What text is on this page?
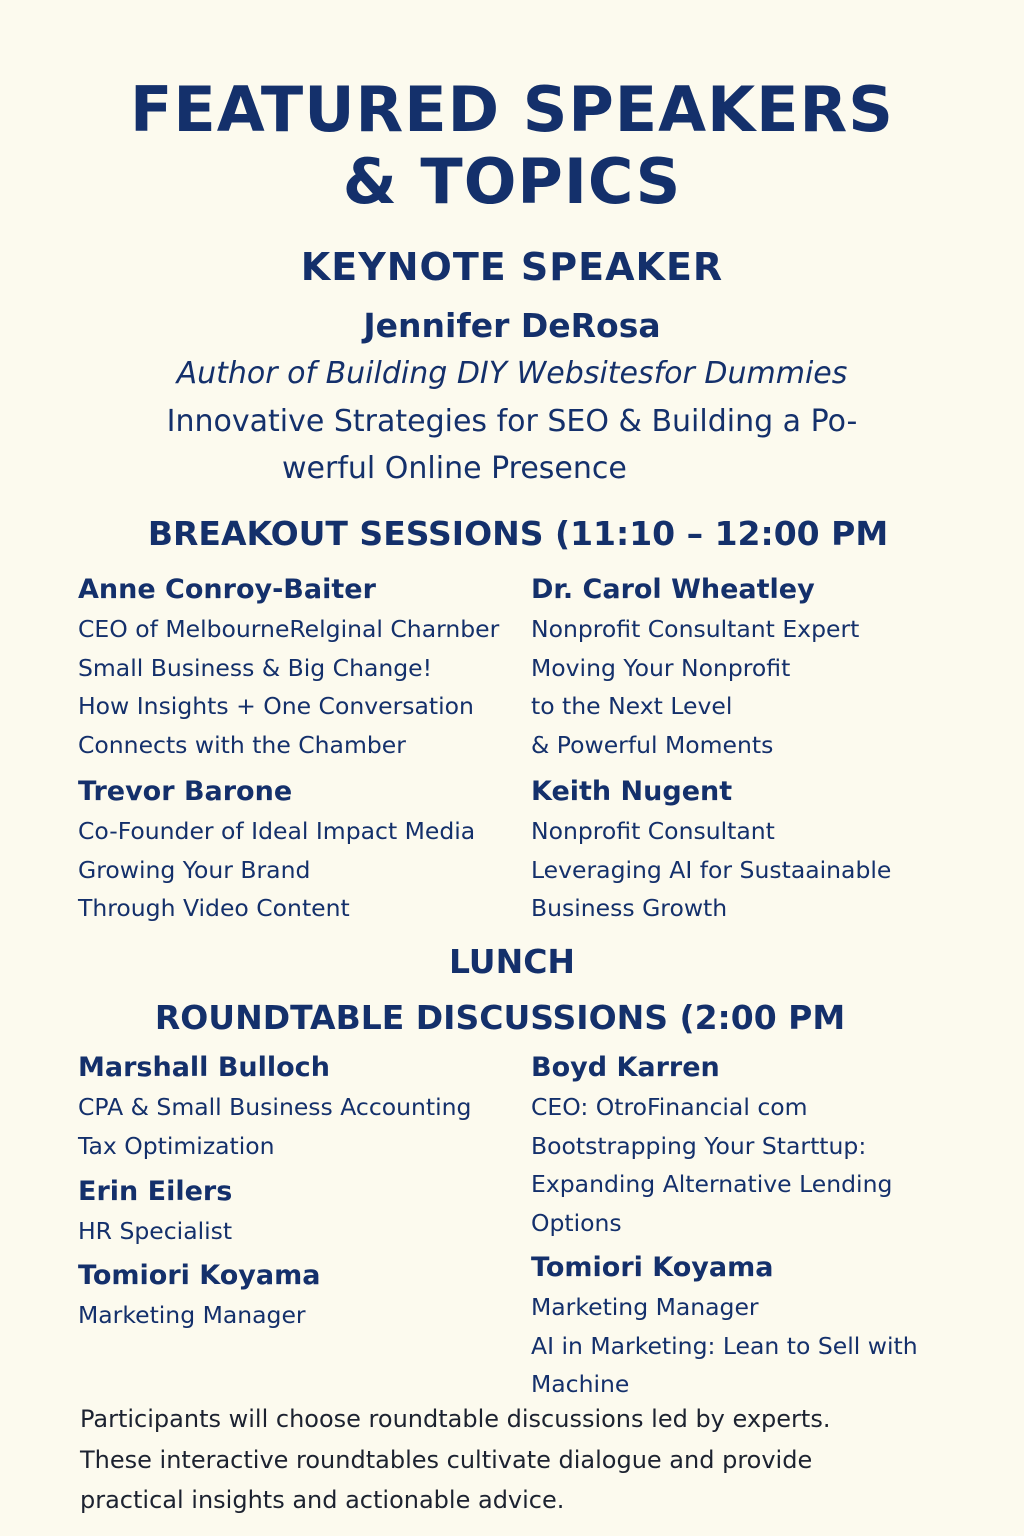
FEATURED SPEAKERS
& TOPICS
KEYNOTE SPEAKER
Jennifer DeRosa
Author of Building DIY Websitesfor Dummies
Innovative Strategies for SEO & Building a Po-
werful Online Presence
BREAKOUT SESSIONS (11:10 – 12:00 PM
Anne Conroy-Baiter
CEO of MelbourneRelginal Charnber
Small Business & Big Change!
How Insights + One Conversation
Connects with the Chamber
Dr. Carol Wheatley
Nonprofit Consultant Expert
Moving Your Nonprofit
to the Next Level
& Powerful Moments
Trevor Barone
Co-Founder of Ideal Impact Media
Growing Your Brand
Through Video Content
Keith Nugent
Nonprofit Consultant
Leveraging AI for Sustaainable
Business Growth
LUNCH
ROUNDTABLE DISCUSSIONS (2:00 PM
Marshall Bulloch
CPA & Small Business Accounting
Tax Optimization
Erin Eilers
HR Specialist
Tomiori Koyama
Marketing Manager
Boyd Karren
CEO: OtroFinancial com
Bootstrapping Your Starttup:
Expanding Alternative Lending
Options
Tomiori Koyama
Marketing Manager
AI in Marketing: Lean to Sell with
Machine
Participants will choose roundtable discussions led by experts.
These interactive roundtables cultivate dialogue and provide
practical insights and actionable advice.
